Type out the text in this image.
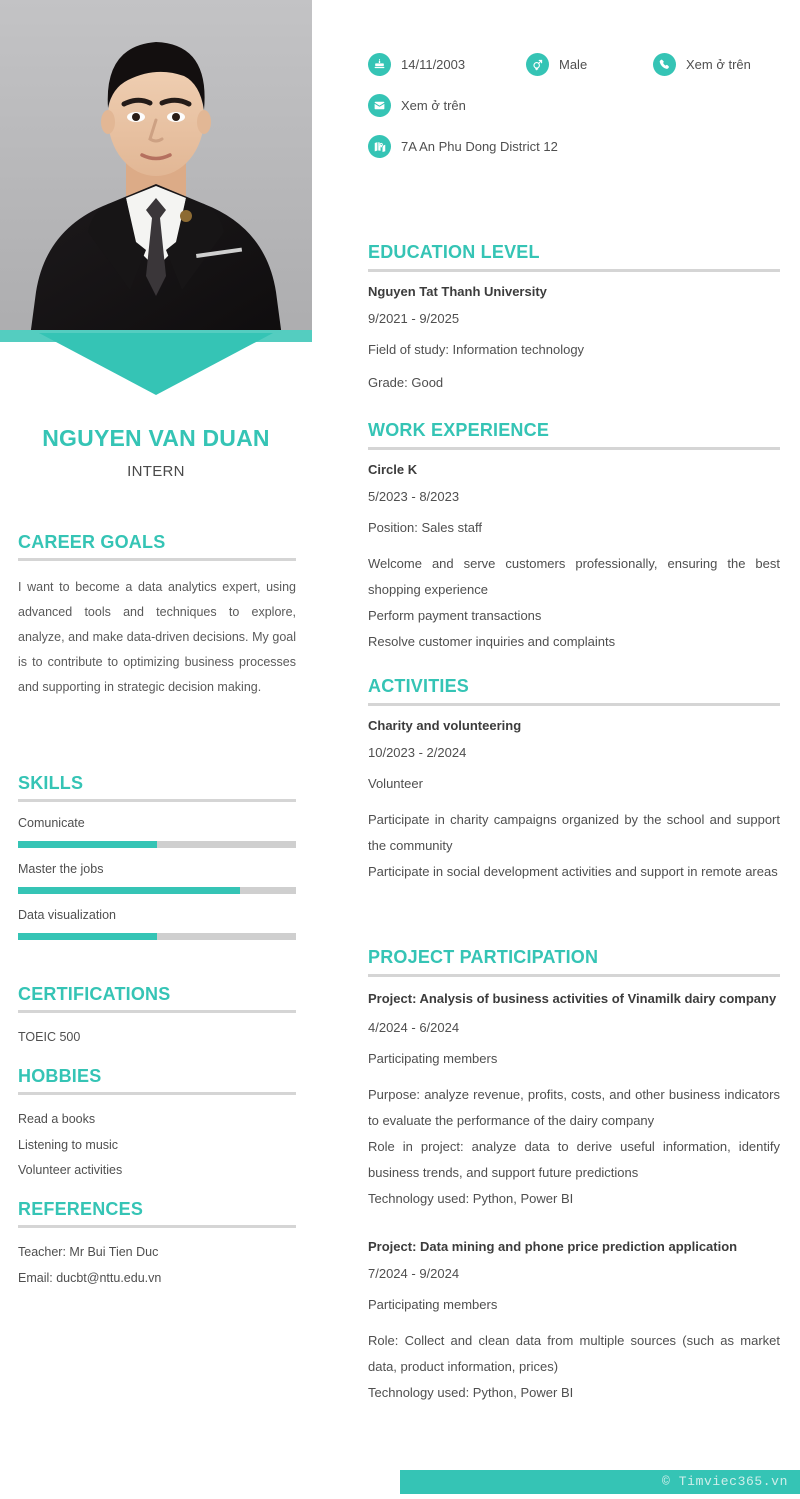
NGUYEN VAN DUAN
INTERN
CAREER GOALS
I want to become a data analytics expert, using advanced tools and techniques to explore, analyze, and make data-driven decisions. My goal is to contribute to optimizing business processes and supporting in strategic decision making.
SKILLS
Comunicate
Master the jobs
Data visualization
CERTIFICATIONS
TOEIC 500
HOBBIES
Read a books
Listening to music
Volunteer activities
REFERENCES
Teacher: Mr Bui Tien Duc
Email: ducbt@nttu.edu.vn
14/11/2003	Male	Xem ở trên
Xem ở trên
7A An Phu Dong District 12
EDUCATION LEVEL
Nguyen Tat Thanh University
9/2021 - 9/2025
Field of study: Information technology
Grade: Good
WORK EXPERIENCE
Circle K
5/2023 - 8/2023
Position: Sales staff
Welcome and serve customers professionally, ensuring the best shopping experience
Perform payment transactions
Resolve customer inquiries and complaints
ACTIVITIES
Charity and volunteering
10/2023 - 2/2024
Volunteer
Participate in charity campaigns organized by the school and support the community
Participate in social development activities and support in remote areas
PROJECT PARTICIPATION
Project: Analysis of business activities of Vinamilk dairy company
4/2024 - 6/2024
Participating members
Purpose: analyze revenue, profits, costs, and other business indicators to evaluate the performance of the dairy company
Role in project: analyze data to derive useful information, identify business trends, and support future predictions
Technology used: Python, Power BI
Project: Data mining and phone price prediction application
7/2024 - 9/2024
Participating members
Role: Collect and clean data from multiple sources (such as market data, product information, prices)
Technology used: Python, Power BI
© Timviec365.vn
